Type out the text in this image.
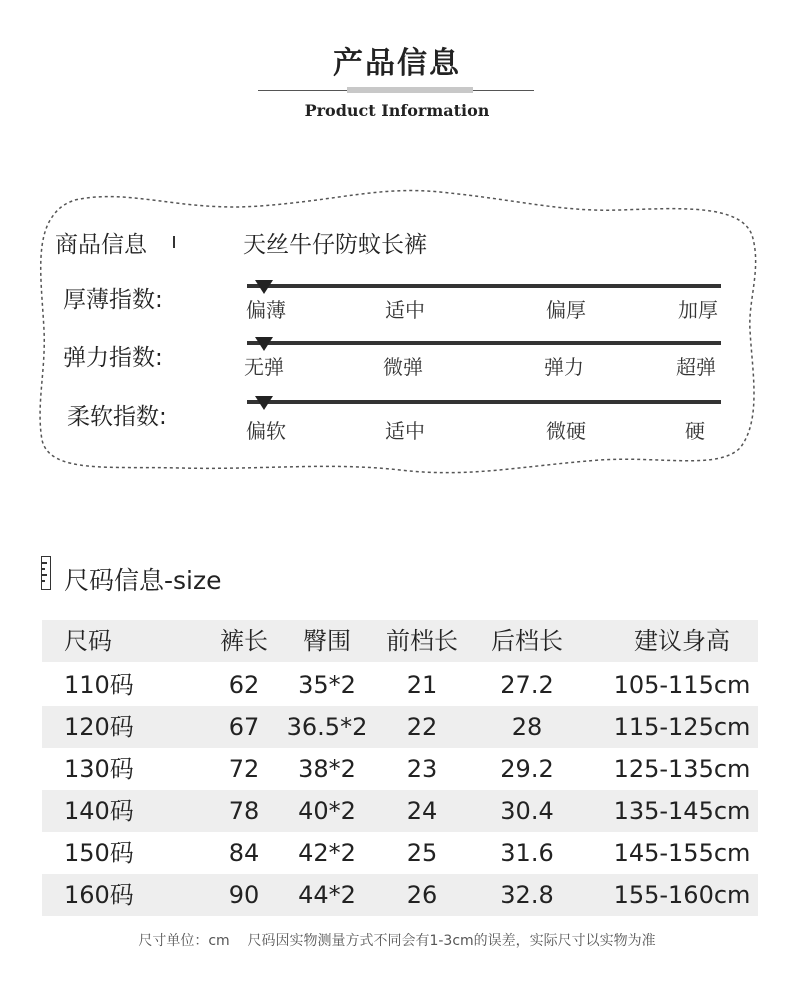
产品信息
Product Information
商品信息	天丝牛仔防蚊长裤
厚薄指数:	偏薄	适中	偏厚	加厚
弹力指数:	无弹	微弹	弹力	超弹
柔软指数:
偏软	适中	微硬	硬
尺码信息-size
尺码	裤长	臀围	前档长	后档长	建议身高
110码	62	35*2	21	27.2	105-115cm
120码	67	36.5*2	22	28	115-125cm
130码	72	38*2	23	29.2	125-135cm
140码	78	40*2	24	30.4	135-145cm
150码	84	42*2	25	31.6	145-155cm
160码	90	44*2	26	32.8	155-160cm
尺寸单位：cm    尺码因实物测量方式不同会有1-3cm的误差，实际尺寸以实物为准
